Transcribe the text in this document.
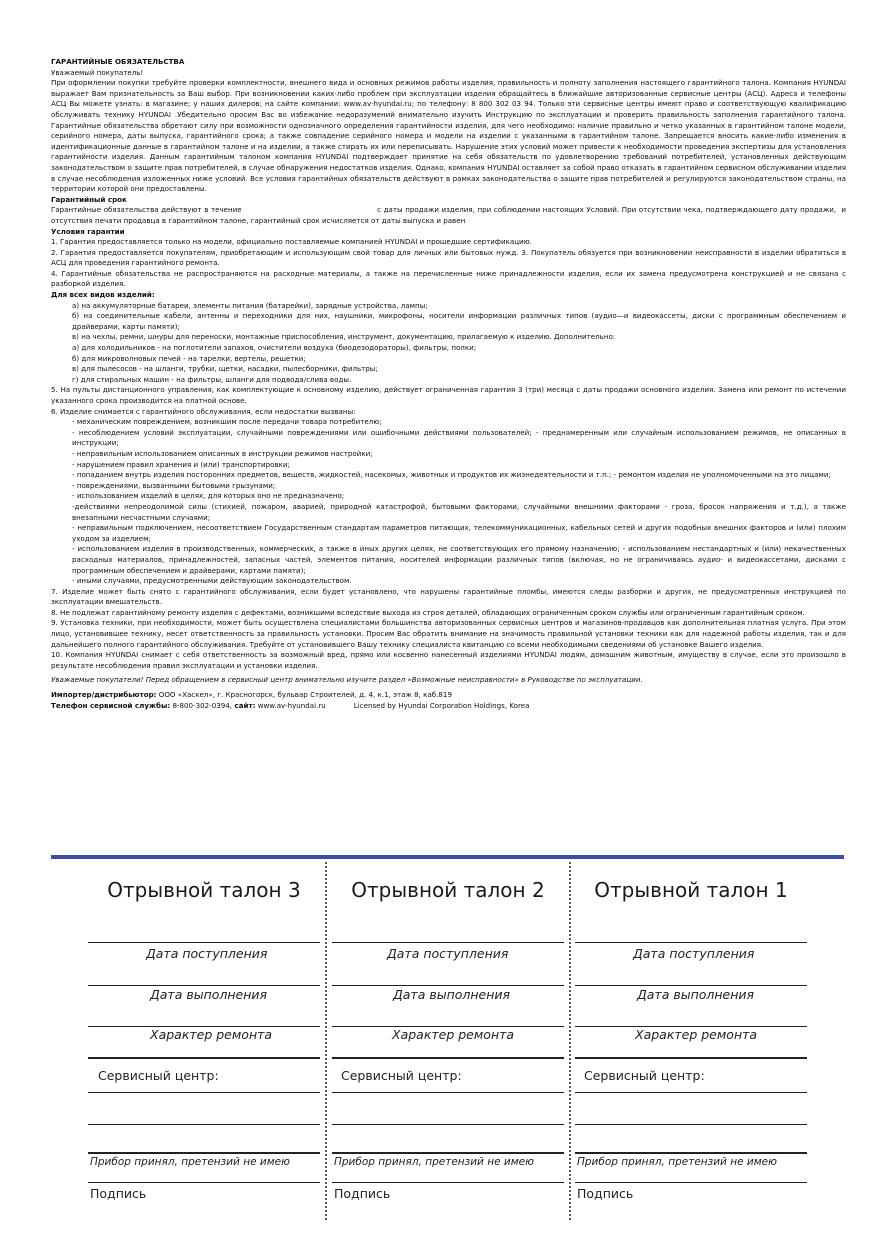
ГАРАНТИЙНЫЕ ОБЯЗАТЕЛЬСТВА

Уважаемый покупатель!

При оформлении покупки требуйте проверки комплектности, внешнего вида и основных режимов работы изделия, правильность и полноту заполнения настоящего гарантийного талона. Компания HYUNDAI выражает Вам признательность за Ваш выбор. При возникновении каких-либо проблем при эксплуатации изделия обращайтесь в ближайшие авторизованные сервисные центры (АСЦ). Адреса и телефоны АСЦ Вы можете узнать: в магазине; у наших дилеров; на сайте компании: www.av-hyundai.ru; по телефону: 8 800 302 03 94. Только эти сервисные центры имеют право и соответствующую квалификацию обслуживать технику HYUNDAI .Убедительно просим Вас во избежание недоразумений внимательно изучить Инструкцию по эксплуатации и проверить правильность заполнения гарантийного талона. Гарантийные обязательства обретают силу при возможности однозначного определения гарантийности изделия, для чего необходимо: наличие правильно и четко указанных в гарантийном талоне модели, серийного номера, даты выпуска, гарантийного срока; а также совпадение серийного номера и модели на изделии с указанными в гарантийном талоне. Запрещается вносить какие-либо изменения в идентификационные данные в гарантийном талоне и на изделии, а также стирать их или переписывать. Нарушение этих условий может привести к необходимости проведения экспертизы для установления гарантийности изделия. Данным гарантийным талоном компания HYUNDAI подтверждает принятие на себя обязательств по удовлетворению требований потребителей, установленных действующим законодательством о защите прав потребителей, в случае обнаружения недостатков изделия. Однако, компания HYUNDAI оставляет за собой право отказать в гарантийном сервисном обслуживании изделия в случае несоблюдения изложенных ниже условий. Все условия гарантийных обязательств действуют в рамках законодательства о защите прав потребителей и регулируются законодательством страны, на территории которой они предоставлены.

Гарантийный срок

Гарантийные обязательства действуют в течение                                                    с даты продажи изделия, при соблюдении настоящих Условий. При отсутствии чека, подтверждающего дату продажи,  и отсутствия печати продавца в гарантийном талоне, гарантийный срок исчисляется от даты выпуска и равен

Условия гарантии

1. Гарантия предоставляется только на модели, официально поставляемые компанией HYUNDAI и прошедшие сертификацию.

2. Гарантия предоставляется покупателям, приобретающим и использующим свой товар для личных или бытовых нужд. 3. Покупатель обязуется при возникновении неисправности в изделии обратиться в АСЦ для проведения гарантийного ремонта.

4. Гарантийные обязательства не распространяются на расходные материалы, а также на перечисленные ниже принадлежности изделия, если их замена предусмотрена конструкцией и не связана с разборкой изделия.

Для всех видов изделий:

а) на аккумуляторные батареи, элементы питания (батарейки), зарядные устройства, лампы;

б) на соединительные кабели, антенны и переходники для них, наушники, микрофоны, носители информации различных типов (аудио—и видеокассеты, диски с программным обеспечением и драйверами, карты памяти);

в) на чехлы, ремни, шнуры для переноски, монтажные приспособления, инструмент, документацию, прилагаемую к изделию. Дополнительно:

а) для холодильников - на поглотители запахов, очистители воздуха (биодезодораторы), фильтры, полки;

б) для микроволновых печей - на тарелки, вертелы, решетки;

в) для пылесосов - на шланги, трубки, щетки, насадки, пылесборники, фильтры;

г) для стиральных машин - на фильтры, шланги для подвода/слива воды.

5. На пульты дистанционного управления, как комплектующие к основному изделию, действует ограниченная гарантия 3 (три) месяца с даты продажи основного изделия. Замена или ремонт по истечении указанного срока производится на платной основе.

6. Изделие снимается с гарантийного обслуживания, если недостатки вызваны:

- механическим повреждением, возникшим после передачи товара потребителю;

- несоблюдением условий эксплуатации, случайными повреждениями или ошибочными действиями пользователей; - преднамеренным или случайным использованием режимов, не описанных в инструкции;

- неправильным использованием описанных в инструкции режимов настройки;

- нарушением правил хранения и (или) транспортировки;

- попаданием внутрь изделия посторонних предметов, веществ, жидкостей, насекомых, животных и продуктов их жизнедеятельности и т.п.; - ремонтом изделия не уполномоченными на это лицами;

- повреждениями, вызванными бытовыми грызунами;

- использованием изделий в целях, для которых оно не предназначено;

-действиями непреодолимой силы (стихией, пожаром, аварией, природной катастрофой, бытовыми факторами, случайными внешними факторами - гроза, бросок напряжения и т.д.), а также внезапными несчастными случаями;

- неправильным подключением, несоответствием Государственным стандартам параметров питающих, телекоммуникационных, кабельных сетей и других подобных внешних факторов и (или) плохим уходом за изделием;

- использованием изделия в производственных, коммерческих, а также в иных других целях, не соответствующих его прямому назначению; - использованием нестандартных и (или) некачественных расходных материалов, принадлежностей, запасных частей, элементов питания, носителей информации различных типов (включая, но не ограничиваясь аудио- и видеокассетами, дисками с программным обеспечением и драйверами, картами памяти);

- иными случаями, предусмотренными действующим законодательством.

7. Изделие может быть снято с гарантийного обслуживания, если будет установлено, что нарушены гарантийные пломбы, имеются следы разборки и других, не предусмотренных инструкцией по эксплуатации вмешательств.

8. Не подлежат гарантийному ремонту изделия с дефектами, возникшими вследствие выхода из строя деталей, обладающих ограниченным сроком службы или ограниченным гарантийным сроком.

9. Установка техники, при необходимости, может быть осуществлена специалистами большинства авторизованных сервисных центров и магазинов-продавцов как дополнительная платная услуга. При этом лицо, установившее технику, несет ответственность за правильность установки. Просим Вас обратить внимание на значимость правильной установки техники как для надежной работы изделия, так и для дальнейшего полного гарантийного обслуживания. Требуйте от установившего Вашу технику специалиста квитанцию со всеми необходимыми сведениями об установке Вашего изделия.

10. Компания HYUNDAI снимает с себя ответственность за возможный вред, прямо или косвенно нанесенный изделиями HYUNDAI людям, домашним животным, имуществу в случае, если это произошло в результате несоблюдения правил эксплуатации и установки изделия.

Уважаемые покупатели! Перед обращением в сервисный центр внимательно изучите раздел «Возможные неисправности» в Руководстве по эксплуатации.

Импортер/дистрибьютор: ООО «Хаскел», г. Красногорск, бульвар Строителей, д. 4, к.1, этаж 8, каб.819

Телефон сервисной службы: 8-800-302-0394, сайт: www.av-hyundai.ru	Licensed by Hyundai Corporation Holdings, Korea

Отрывной талон 3
Дата поступления
Дата выполнения
Характер ремонта
Сервисный центр:
Прибор принял, претензий не имею
Подпись
Отрывной талон 2
Дата поступления
Дата выполнения
Характер ремонта
Сервисный центр:
Прибор принял, претензий не имею
Подпись
Отрывной талон 1
Дата поступления
Дата выполнения
Характер ремонта
Сервисный центр:
Прибор принял, претензий не имею
Подпись
